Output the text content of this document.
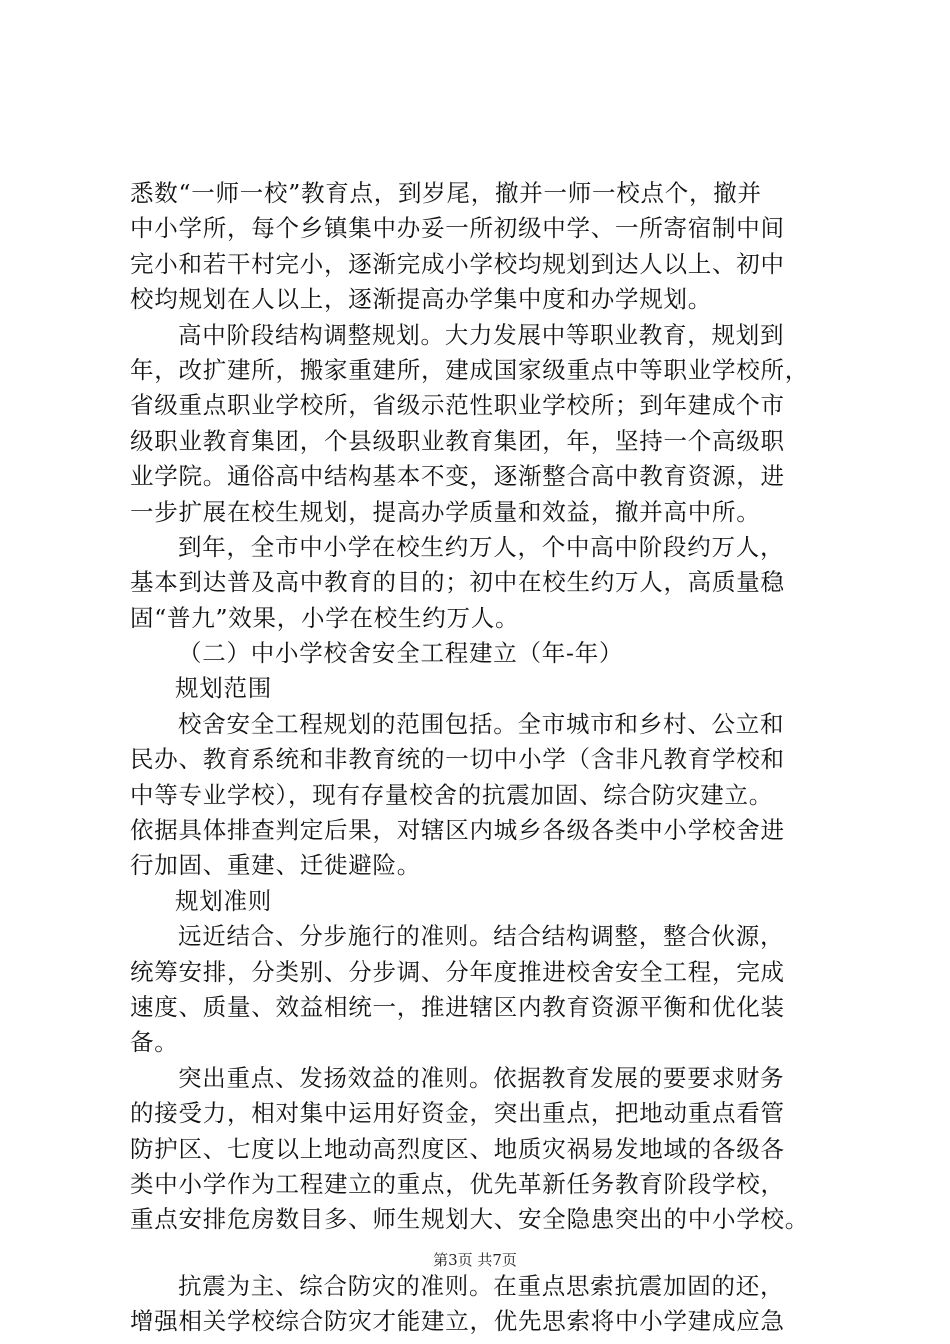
悉数“一师一校”教育点，到岁尾，撤并一师一校点个，撤并
中小学所，每个乡镇集中办妥一所初级中学、一所寄宿制中间
完小和若干村完小，逐渐完成小学校均规划到达人以上、初中
校均规划在人以上，逐渐提高办学集中度和办学规划。
高中阶段结构调整规划。大力发展中等职业教育，规划到
年，改扩建所，搬家重建所，建成国家级重点中等职业学校所，
省级重点职业学校所，省级示范性职业学校所；到年建成个市
级职业教育集团，个县级职业教育集团，年，坚持一个高级职
业学院。通俗高中结构基本不变，逐渐整合高中教育资源，进
一步扩展在校生规划，提高办学质量和效益，撤并高中所。
到年，全市中小学在校生约万人，个中高中阶段约万人，
基本到达普及高中教育的目的；初中在校生约万人，高质量稳
固“普九”效果，小学在校生约万人。
（二）中小学校舍安全工程建立（年-年）
规划范围
校舍安全工程规划的范围包括。全市城市和乡村、公立和
民办、教育系统和非教育统的一切中小学（含非凡教育学校和
中等专业学校），现有存量校舍的抗震加固、综合防灾建立。
依据具体排查判定后果，对辖区内城乡各级各类中小学校舍进
行加固、重建、迁徙避险。
规划准则
远近结合、分步施行的准则。结合结构调整，整合伙源，
统筹安排，分类别、分步调、分年度推进校舍安全工程，完成
速度、质量、效益相统一，推进辖区内教育资源平衡和优化装
备。
突出重点、发扬效益的准则。依据教育发展的要要求财务
的接受力，相对集中运用好资金，突出重点，把地动重点看管
防护区、七度以上地动高烈度区、地质灾祸易发地域的各级各
类中小学作为工程建立的重点，优先革新任务教育阶段学校，
重点安排危房数目多、师生规划大、安全隐患突出的中小学校。
抗震为主、综合防灾的准则。在重点思索抗震加固的还，
增强相关学校综合防灾才能建立，优先思索将中小学建成应急
第3页 共7页
